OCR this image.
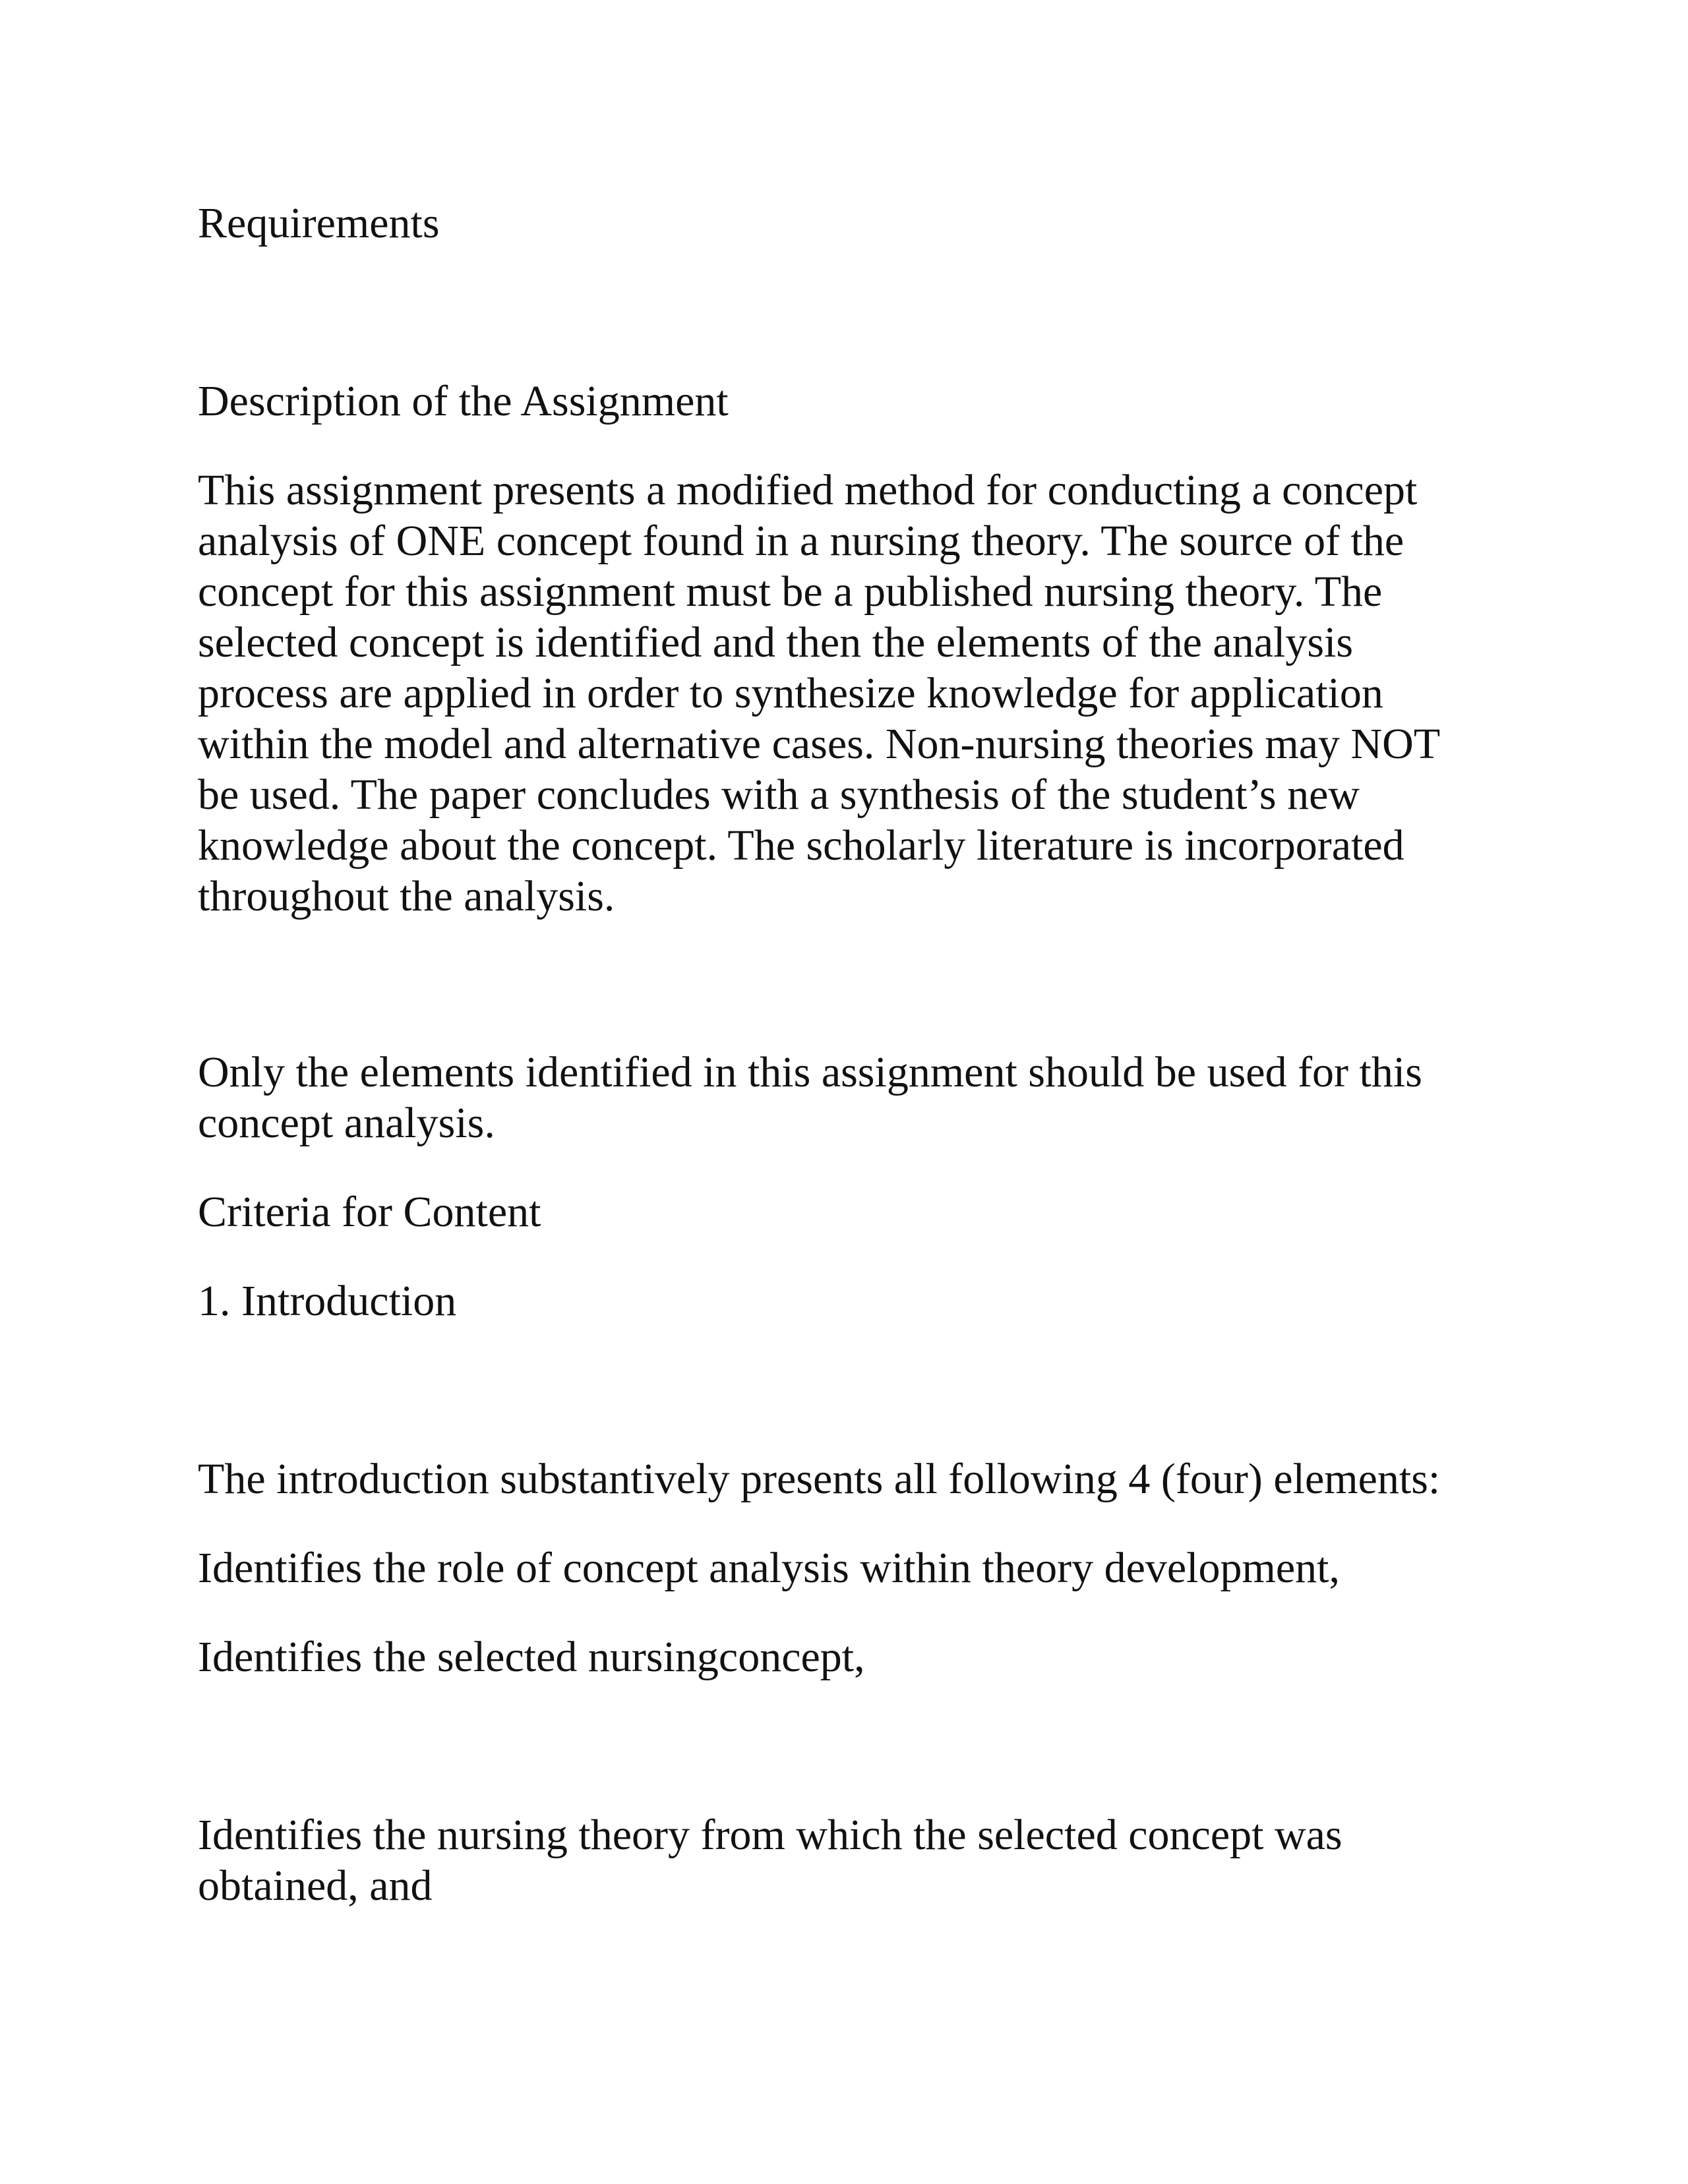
Requirements

Description of the Assignment

This assignment presents a modified method for conducting a concept
analysis of ONE concept found in a nursing theory. The source of the
concept for this assignment must be a published nursing theory. The
selected concept is identified and then the elements of the analysis
process are applied in order to synthesize knowledge for application
within the model and alternative cases. Non-nursing theories may NOT
be used. The paper concludes with a synthesis of the student’s new
knowledge about the concept. The scholarly literature is incorporated
throughout the analysis.
Only the elements identified in this assignment should be used for this
concept analysis.

Criteria for Content

1. Introduction

The introduction substantively presents all following 4 (four) elements:

Identifies the role of concept analysis within theory development,

Identifies the selected nursingconcept,

Identifies the nursing theory from which the selected concept was
obtained, and
